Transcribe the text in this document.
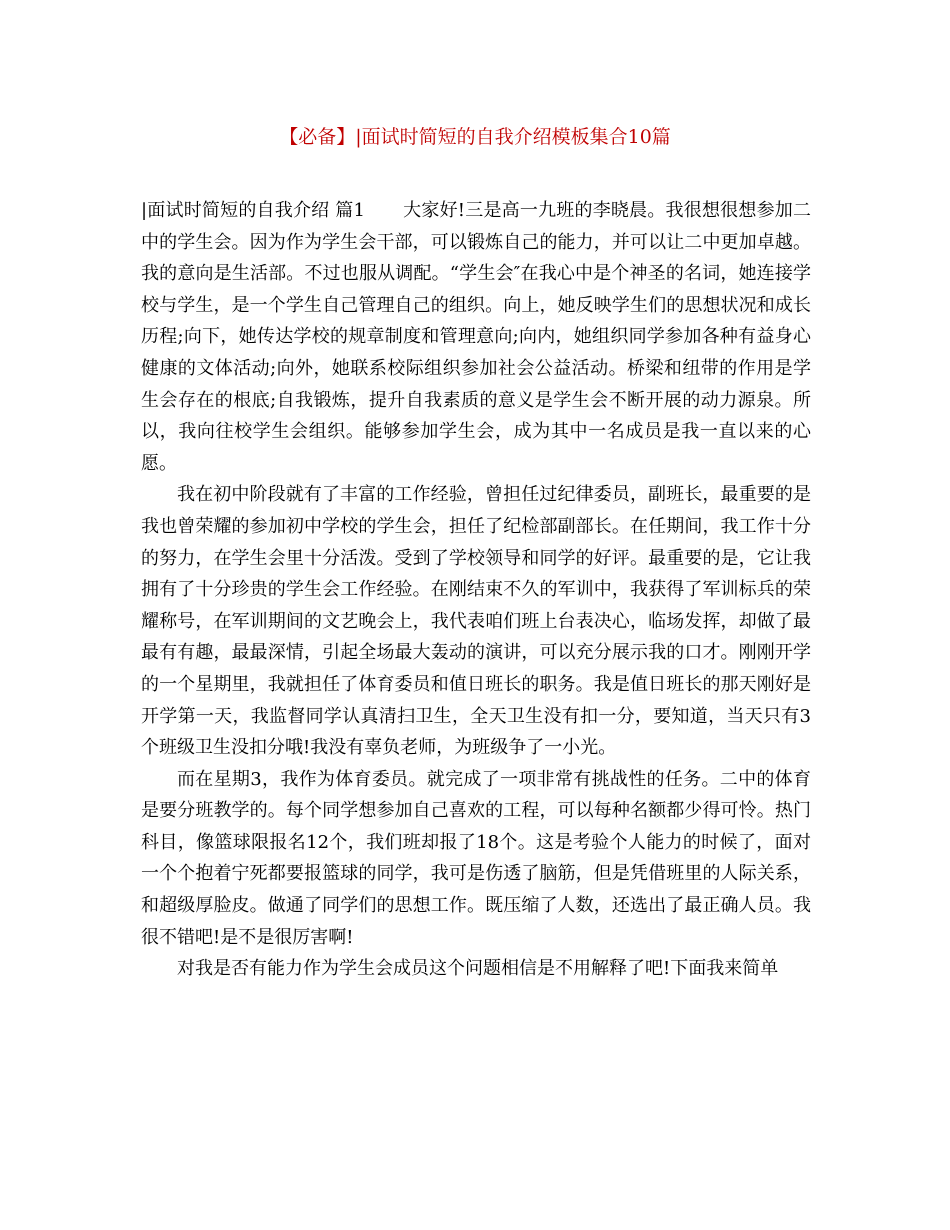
【必备】|面试时简短的自我介绍模板集合10篇

|面试时简短的自我介绍 篇1 大家好!三是高一九班的李晓晨。我很想很想参加二中的学生会。因为作为学生会干部，可以锻炼自己的能力，并可以让二中更加卓越。我的意向是生活部。不过也服从调配。“学生会″在我心中是个神圣的名词，她连接学校与学生，是一个学生自己管理自己的组织。向上，她反映学生们的思想状况和成长历程;向下，她传达学校的规章制度和管理意向;向内，她组织同学参加各种有益身心健康的文体活动;向外，她联系校际组织参加社会公益活动。桥梁和纽带的作用是学生会存在的根底;自我锻炼，提升自我素质的意义是学生会不断开展的动力源泉。所以，我向往校学生会组织。能够参加学生会，成为其中一名成员是我一直以来的心愿。

我在初中阶段就有了丰富的工作经验，曾担任过纪律委员，副班长，最重要的是我也曾荣耀的参加初中学校的学生会，担任了纪检部副部长。在任期间，我工作十分的努力，在学生会里十分活泼。受到了学校领导和同学的好评。最重要的是，它让我拥有了十分珍贵的学生会工作经验。在刚结束不久的军训中，我获得了军训标兵的荣耀称号，在军训期间的文艺晚会上，我代表咱们班上台表决心，临场发挥，却做了最最有有趣，最最深情，引起全场最大轰动的演讲，可以充分展示我的口才。刚刚开学的一个星期里，我就担任了体育委员和值日班长的职务。我是值日班长的那天刚好是开学第一天，我监督同学认真清扫卫生，全天卫生没有扣一分，要知道，当天只有3个班级卫生没扣分哦!我没有辜负老师，为班级争了一小光。

而在星期3，我作为体育委员。就完成了一项非常有挑战性的任务。二中的体育是要分班教学的。每个同学想参加自己喜欢的工程，可以每种名额都少得可怜。热门科目，像篮球限报名12个，我们班却报了18个。这是考验个人能力的时候了，面对一个个抱着宁死都要报篮球的同学，我可是伤透了脑筋，但是凭借班里的人际关系，和超级厚脸皮。做通了同学们的思想工作。既压缩了人数，还选出了最正确人员。我很不错吧!是不是很厉害啊!

对我是否有能力作为学生会成员这个问题相信是不用解释了吧!下面我来简单
